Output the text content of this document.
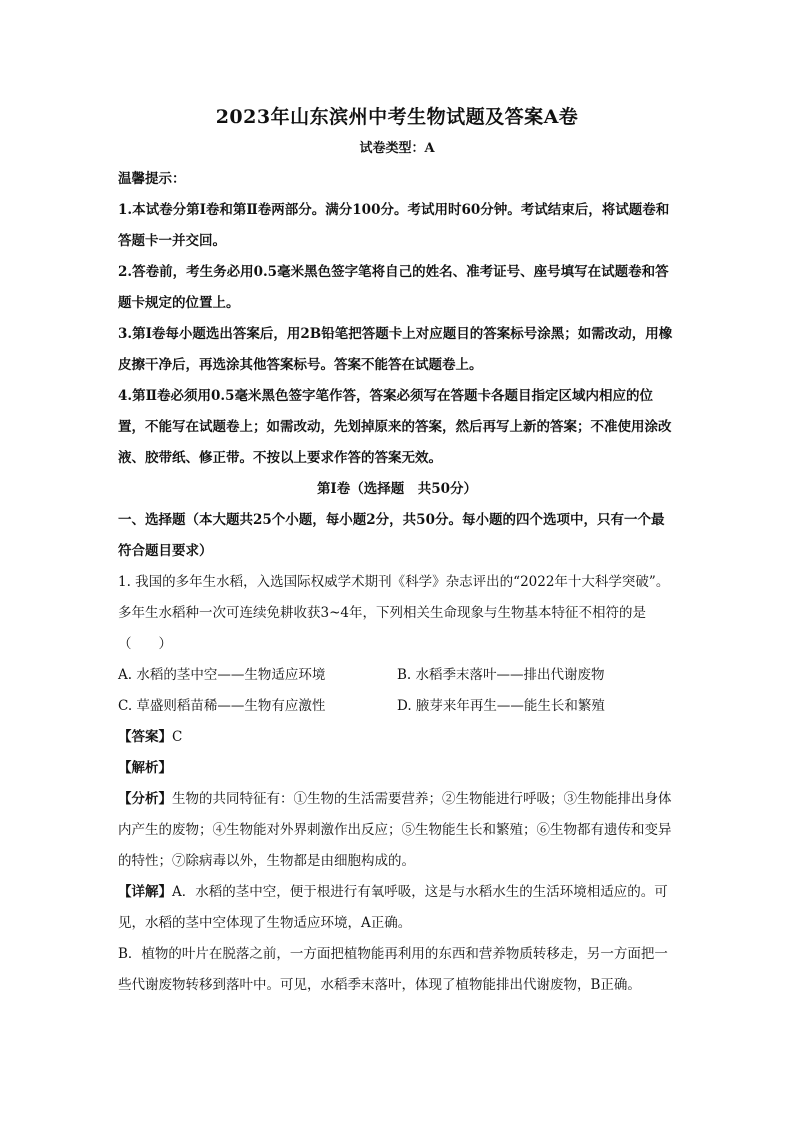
2023年山东滨州中考生物试题及答案A卷
试卷类型：A
温馨提示：

1.本试卷分第Ⅰ卷和第Ⅱ卷两部分。满分100分。考试用时60分钟。考试结束后，将试题卷和答题卡一并交回。

2.答卷前，考生务必用0.5毫米黑色签字笔将自己的姓名、准考证号、座号填写在试题卷和答题卡规定的位置上。

3.第Ⅰ卷每小题选出答案后，用2B铅笔把答题卡上对应题目的答案标号涂黑；如需改动，用橡皮擦干净后，再选涂其他答案标号。答案不能答在试题卷上。

4.第Ⅱ卷必须用0.5毫米黑色签字笔作答，答案必须写在答题卡各题目指定区域内相应的位置，不能写在试题卷上；如需改动，先划掉原来的答案，然后再写上新的答案；不准使用涂改液、胶带纸、修正带。不按以上要求作答的答案无效。

第Ⅰ卷（选择题　共50分）

一、选择题（本大题共25个小题，每小题2分，共50分。每小题的四个选项中，只有一个最符合题目要求）

1. 我国的多年生水稻，入选国际权威学术期刊《科学》杂志评出的“2022年十大科学突破”。多年生水稻种一次可连续免耕收获3~4年，下列相关生命现象与生物基本特征不相符的是（　　）

A. 水稻的茎中空——生物适应环境	B. 水稻季末落叶——排出代谢废物
C. 草盛则稻苗稀——生物有应激性	D. 腋芽来年再生——能生长和繁殖
【答案】C
【解析】

【分析】生物的共同特征有：①生物的生活需要营养；②生物能进行呼吸；③生物能排出身体内产生的废物；④生物能对外界刺激作出反应；⑤生物能生长和繁殖；⑥生物都有遗传和变异的特性；⑦除病毒以外，生物都是由细胞构成的。

【详解】A．水稻的茎中空，便于根进行有氧呼吸，这是与水稻水生的生活环境相适应的。可见，水稻的茎中空体现了生物适应环境，A正确。

B．植物的叶片在脱落之前，一方面把植物能再利用的东西和营养物质转移走，另一方面把一些代谢废物转移到落叶中。可见，水稻季末落叶，体现了植物能排出代谢废物，B正确。
